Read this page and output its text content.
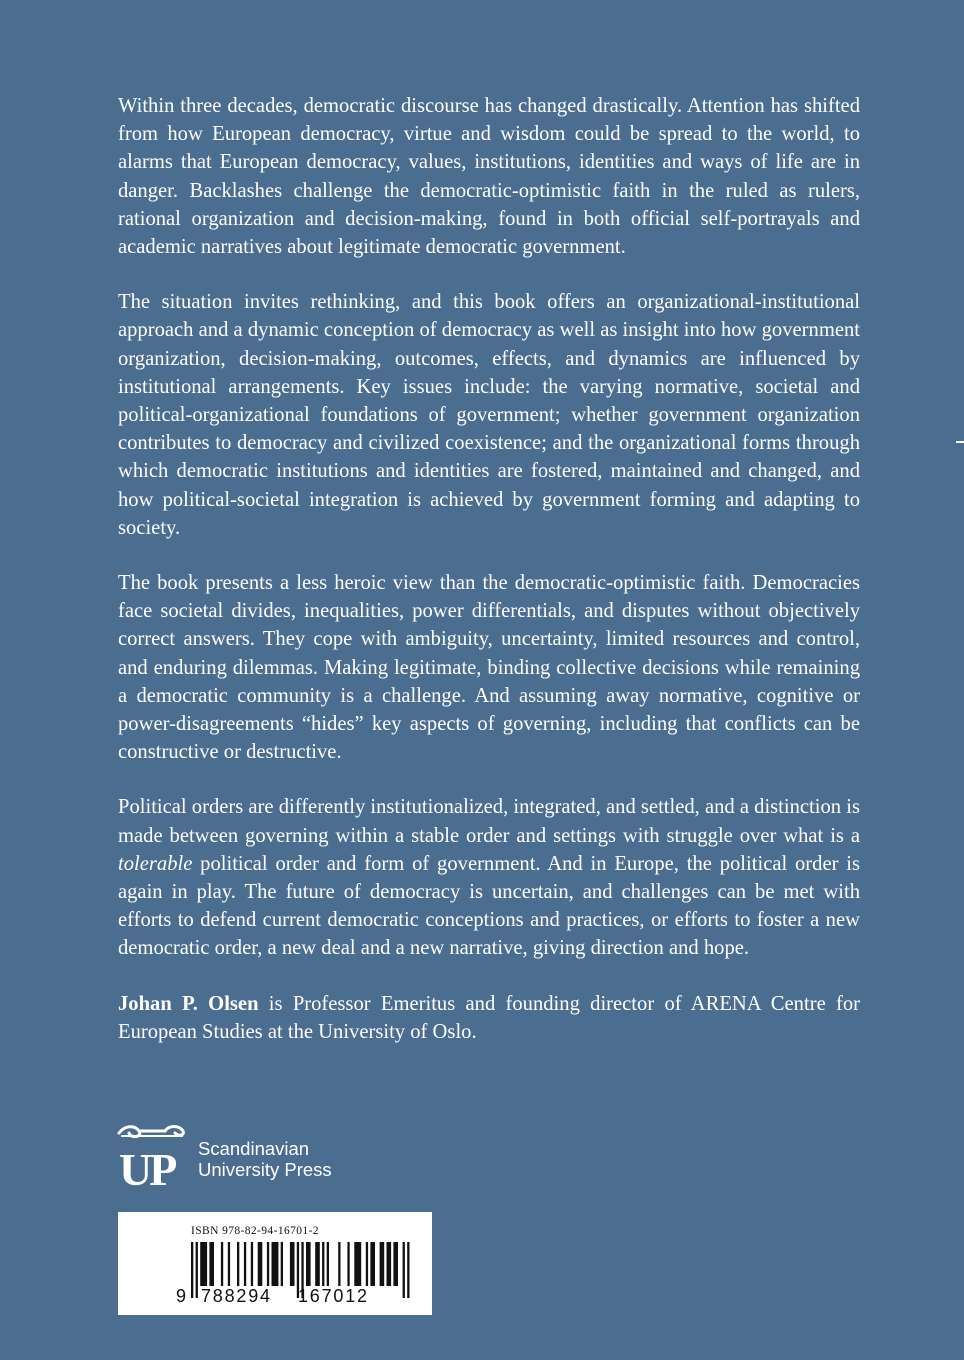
Within three decades, democratic discourse has changed drastically. Attention has shifted from how European democracy, virtue and wisdom could be spread to the world, to alarms that European democracy, values, institutions, identities and ways of life are in danger. Backlashes challenge the democratic-optimistic faith in the ruled as rulers, rational organization and decision-making, found in both official self-portrayals and academic narratives about legitimate democratic government.

The situation invites rethinking, and this book offers an organizational-institutional approach and a dynamic conception of democracy as well as insight into how government organization, decision-making, outcomes, effects, and dynamics are influenced by institutional arrangements. Key issues include: the varying normative, societal and political-organizational foundations of government; whether government organization contributes to democracy and civilized coexistence; and the organizational forms through which democratic institutions and identities are fostered, maintained and changed, and how political-societal integration is achieved by government forming and adapting to society.

The book presents a less heroic view than the democratic-optimistic faith. Democracies face societal divides, inequalities, power differentials, and disputes without objectively correct answers. They cope with ambiguity, uncertainty, limited resources and control, and enduring dilemmas. Making legitimate, binding collective decisions while remaining a democratic community is a challenge. And assuming away normative, cognitive or power-disagreements “hides” key aspects of governing, including that conflicts can be constructive or destructive.

Political orders are differently institutionalized, integrated, and settled, and a distinction is made between governing within a stable order and settings with struggle over what is a tolerable political order and form of government. And in Europe, the political order is again in play. The future of democracy is uncertain, and challenges can be met with efforts to defend current democratic conceptions and practices, or efforts to foster a new democratic order, a new deal and a new narrative, giving direction and hope.

Johan P. Olsen is Professor Emeritus and founding director of ARENA Centre for European Studies at the University of Oslo.

UP Scandinavian
University Press
ISBN 978-82-94-16701-2
9 788294 167012
